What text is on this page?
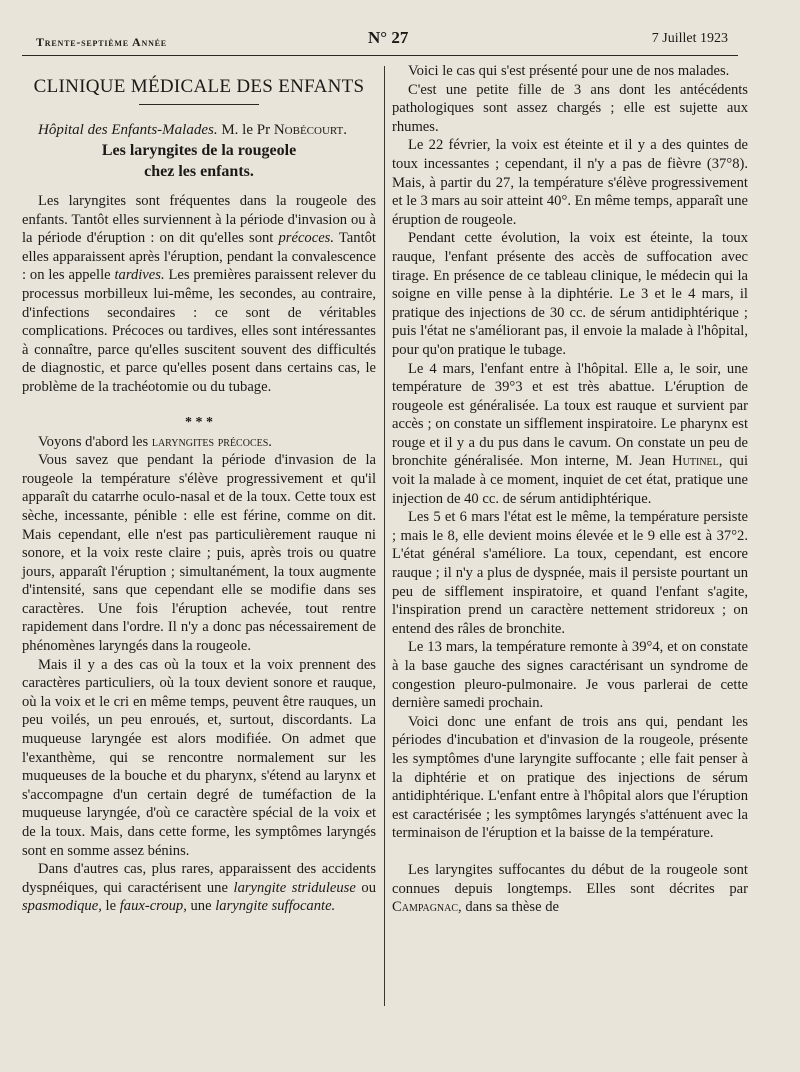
Trente-septième Année	N° 27	7 Juillet 1923
CLINIQUE MÉDICALE DES ENFANTS

Hôpital des Enfants-Malades. M. le Pr Nobécourt.

Les laryngites de la rougeole
chez les enfants.

Les laryngites sont fréquentes dans la rougeole des enfants. Tantôt elles surviennent à la période d'invasion ou à la période d'éruption : on dit qu'elles sont précoces. Tantôt elles apparaissent après l'éruption, pendant la convalescence : on les appelle tardives. Les premières paraissent relever du processus morbilleux lui-même, les secondes, au contraire, d'infections secondaires : ce sont de véritables complications. Précoces ou tardives, elles sont intéressantes à connaître, parce qu'elles suscitent souvent des difficultés de diagnostic, et parce qu'elles posent dans certains cas, le problème de la trachéotomie ou du tubage.

* * *

Voyons d'abord les laryngites précoces.

Vous savez que pendant la période d'invasion de la rougeole la température s'élève progressivement et qu'il apparaît du catarrhe oculo-nasal et de la toux. Cette toux est sèche, incessante, pénible : elle est férine, comme on dit. Mais cependant, elle n'est pas particulièrement rauque ni sonore, et la voix reste claire ; puis, après trois ou quatre jours, apparaît l'éruption ; simultanément, la toux augmente d'intensité, sans que cependant elle se modifie dans ses caractères. Une fois l'éruption achevée, tout rentre rapidement dans l'ordre. Il n'y a donc pas nécessairement de phénomènes laryngés dans la rougeole.

Mais il y a des cas où la toux et la voix prennent des caractères particuliers, où la toux devient sonore et rauque, où la voix et le cri en même temps, peuvent être rauques, un peu voilés, un peu enroués, et, surtout, discordants. La muqueuse laryngée est alors modifiée. On admet que l'exanthème, qui se rencontre normalement sur les muqueuses de la bouche et du pharynx, s'étend au larynx et s'accompagne d'un certain degré de tuméfaction de la muqueuse laryngée, d'où ce caractère spécial de la voix et de la toux. Mais, dans cette forme, les symptômes laryngés sont en somme assez bénins.

Dans d'autres cas, plus rares, apparaissent des accidents dyspnéiques, qui caractérisent une laryngite striduleuse ou spasmodique, le faux-croup, une laryngite suffocante.

Voici le cas qui s'est présenté pour une de nos malades.

C'est une petite fille de 3 ans dont les antécédents pathologiques sont assez chargés ; elle est sujette aux rhumes.

Le 22 février, la voix est éteinte et il y a des quintes de toux incessantes ; cependant, il n'y a pas de fièvre (37°8). Mais, à partir du 27, la température s'élève progressivement et le 3 mars au soir atteint 40°. En même temps, apparaît une éruption de rougeole.

Pendant cette évolution, la voix est éteinte, la toux rauque, l'enfant présente des accès de suffocation avec tirage. En présence de ce tableau clinique, le médecin qui la soigne en ville pense à la diphtérie. Le 3 et le 4 mars, il pratique des injections de 30 cc. de sérum antidiphtérique ; puis l'état ne s'améliorant pas, il envoie la malade à l'hôpital, pour qu'on pratique le tubage.

Le 4 mars, l'enfant entre à l'hôpital. Elle a, le soir, une température de 39°3 et est très abattue. L'éruption de rougeole est généralisée. La toux est rauque et survient par accès ; on constate un sifflement inspiratoire. Le pharynx est rouge et il y a du pus dans le cavum. On constate un peu de bronchite généralisée. Mon interne, M. Jean Hutinel, qui voit la malade à ce moment, inquiet de cet état, pratique une injection de 40 cc. de sérum antidiphtérique.

Les 5 et 6 mars l'état est le même, la température persiste ; mais le 8, elle devient moins élevée et le 9 elle est à 37°2. L'état général s'améliore. La toux, cependant, est encore rauque ; il n'y a plus de dyspnée, mais il persiste pourtant un peu de sifflement inspiratoire, et quand l'enfant s'agite, l'inspiration prend un caractère nettement stridoreux ; on entend des râles de bronchite.

Le 13 mars, la température remonte à 39°4, et on constate à la base gauche des signes caractérisant un syndrome de congestion pleuro-pulmonaire. Je vous parlerai de cette dernière samedi prochain.

Voici donc une enfant de trois ans qui, pendant les périodes d'incubation et d'invasion de la rougeole, présente les symptômes d'une laryngite suffocante ; elle fait penser à la diphtérie et on pratique des injections de sérum antidiphtérique. L'enfant entre à l'hôpital alors que l'éruption est caractérisée ; les symptômes laryngés s'atténuent avec la terminaison de l'éruption et la baisse de la température.

Les laryngites suffocantes du début de la rougeole sont connues depuis longtemps. Elles sont décrites par Campagnac, dans sa thèse de
